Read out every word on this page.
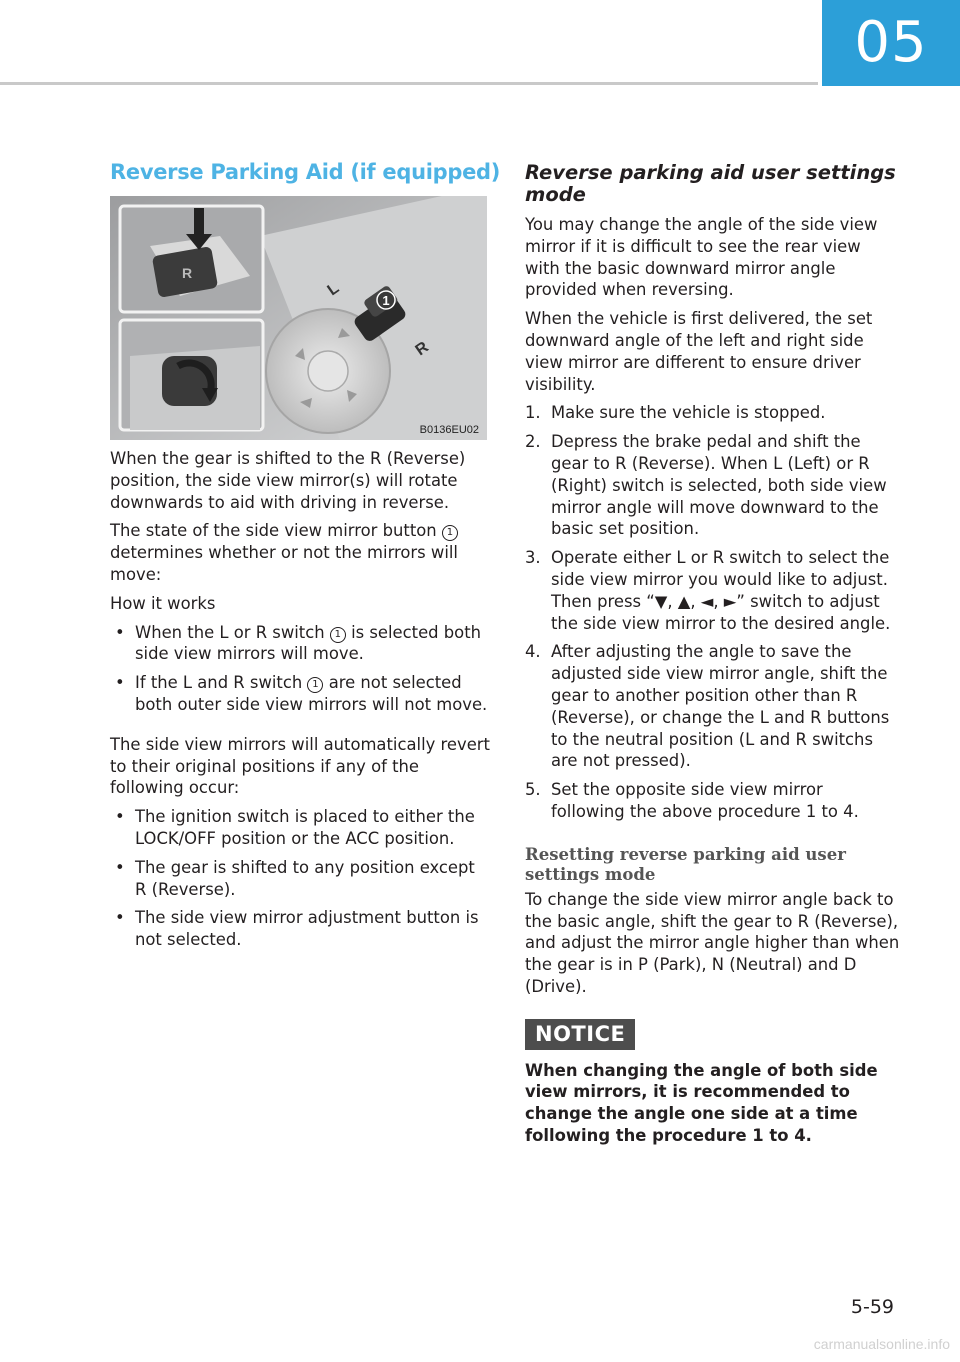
05
Reverse Parking Aid (if equipped)
L
R
1
R
B0136EU02

When the gear is shifted to the R (Reverse) position, the side view mirror(s) will rotate downwards to aid with driving in reverse.

The state of the side view mirror button 1 determines whether or not the mirrors will move:

How it works

• When the L or R switch 1 is selected both side view mirrors will move.
• If the L and R switch 1 are not selected both outer side view mirrors will not move.

The side view mirrors will automatically revert to their original positions if any of the following occur:

• The ignition switch is placed to either the LOCK/OFF position or the ACC position.
• The gear is shifted to any position except R (Reverse).
• The side view mirror adjustment button is not selected.
Reverse parking aid user settings mode

You may change the angle of the side view mirror if it is difficult to see the rear view with the basic downward mirror angle provided when reversing.

When the vehicle is first delivered, the set downward angle of the left and right side view mirror are different to ensure driver visibility.

1. Make sure the vehicle is stopped.
2. Depress the brake pedal and shift the gear to R (Reverse). When L (Left) or R (Right) switch is selected, both side view mirror angle will move downward to the basic set position.
3. Operate either L or R switch to select the side view mirror you would like to adjust. Then press “▼, ▲, ◄, ►” switch to adjust the side view mirror to the desired angle.
4. After adjusting the angle to save the adjusted side view mirror angle, shift the gear to another position other than R (Reverse), or change the L and R buttons to the neutral position (L and R switchs are not pressed).
5. Set the opposite side view mirror following the above procedure 1 to 4.
Resetting reverse parking aid user settings mode

To change the side view mirror angle back to the basic angle, shift the gear to R (Reverse), and adjust the mirror angle higher than when the gear is in P (Park), N (Neutral) and D (Drive).

NOTICE

When changing the angle of both side view mirrors, it is recommended to change the angle one side at a time following the procedure 1 to 4.

5-59
carmanualsonline.info
